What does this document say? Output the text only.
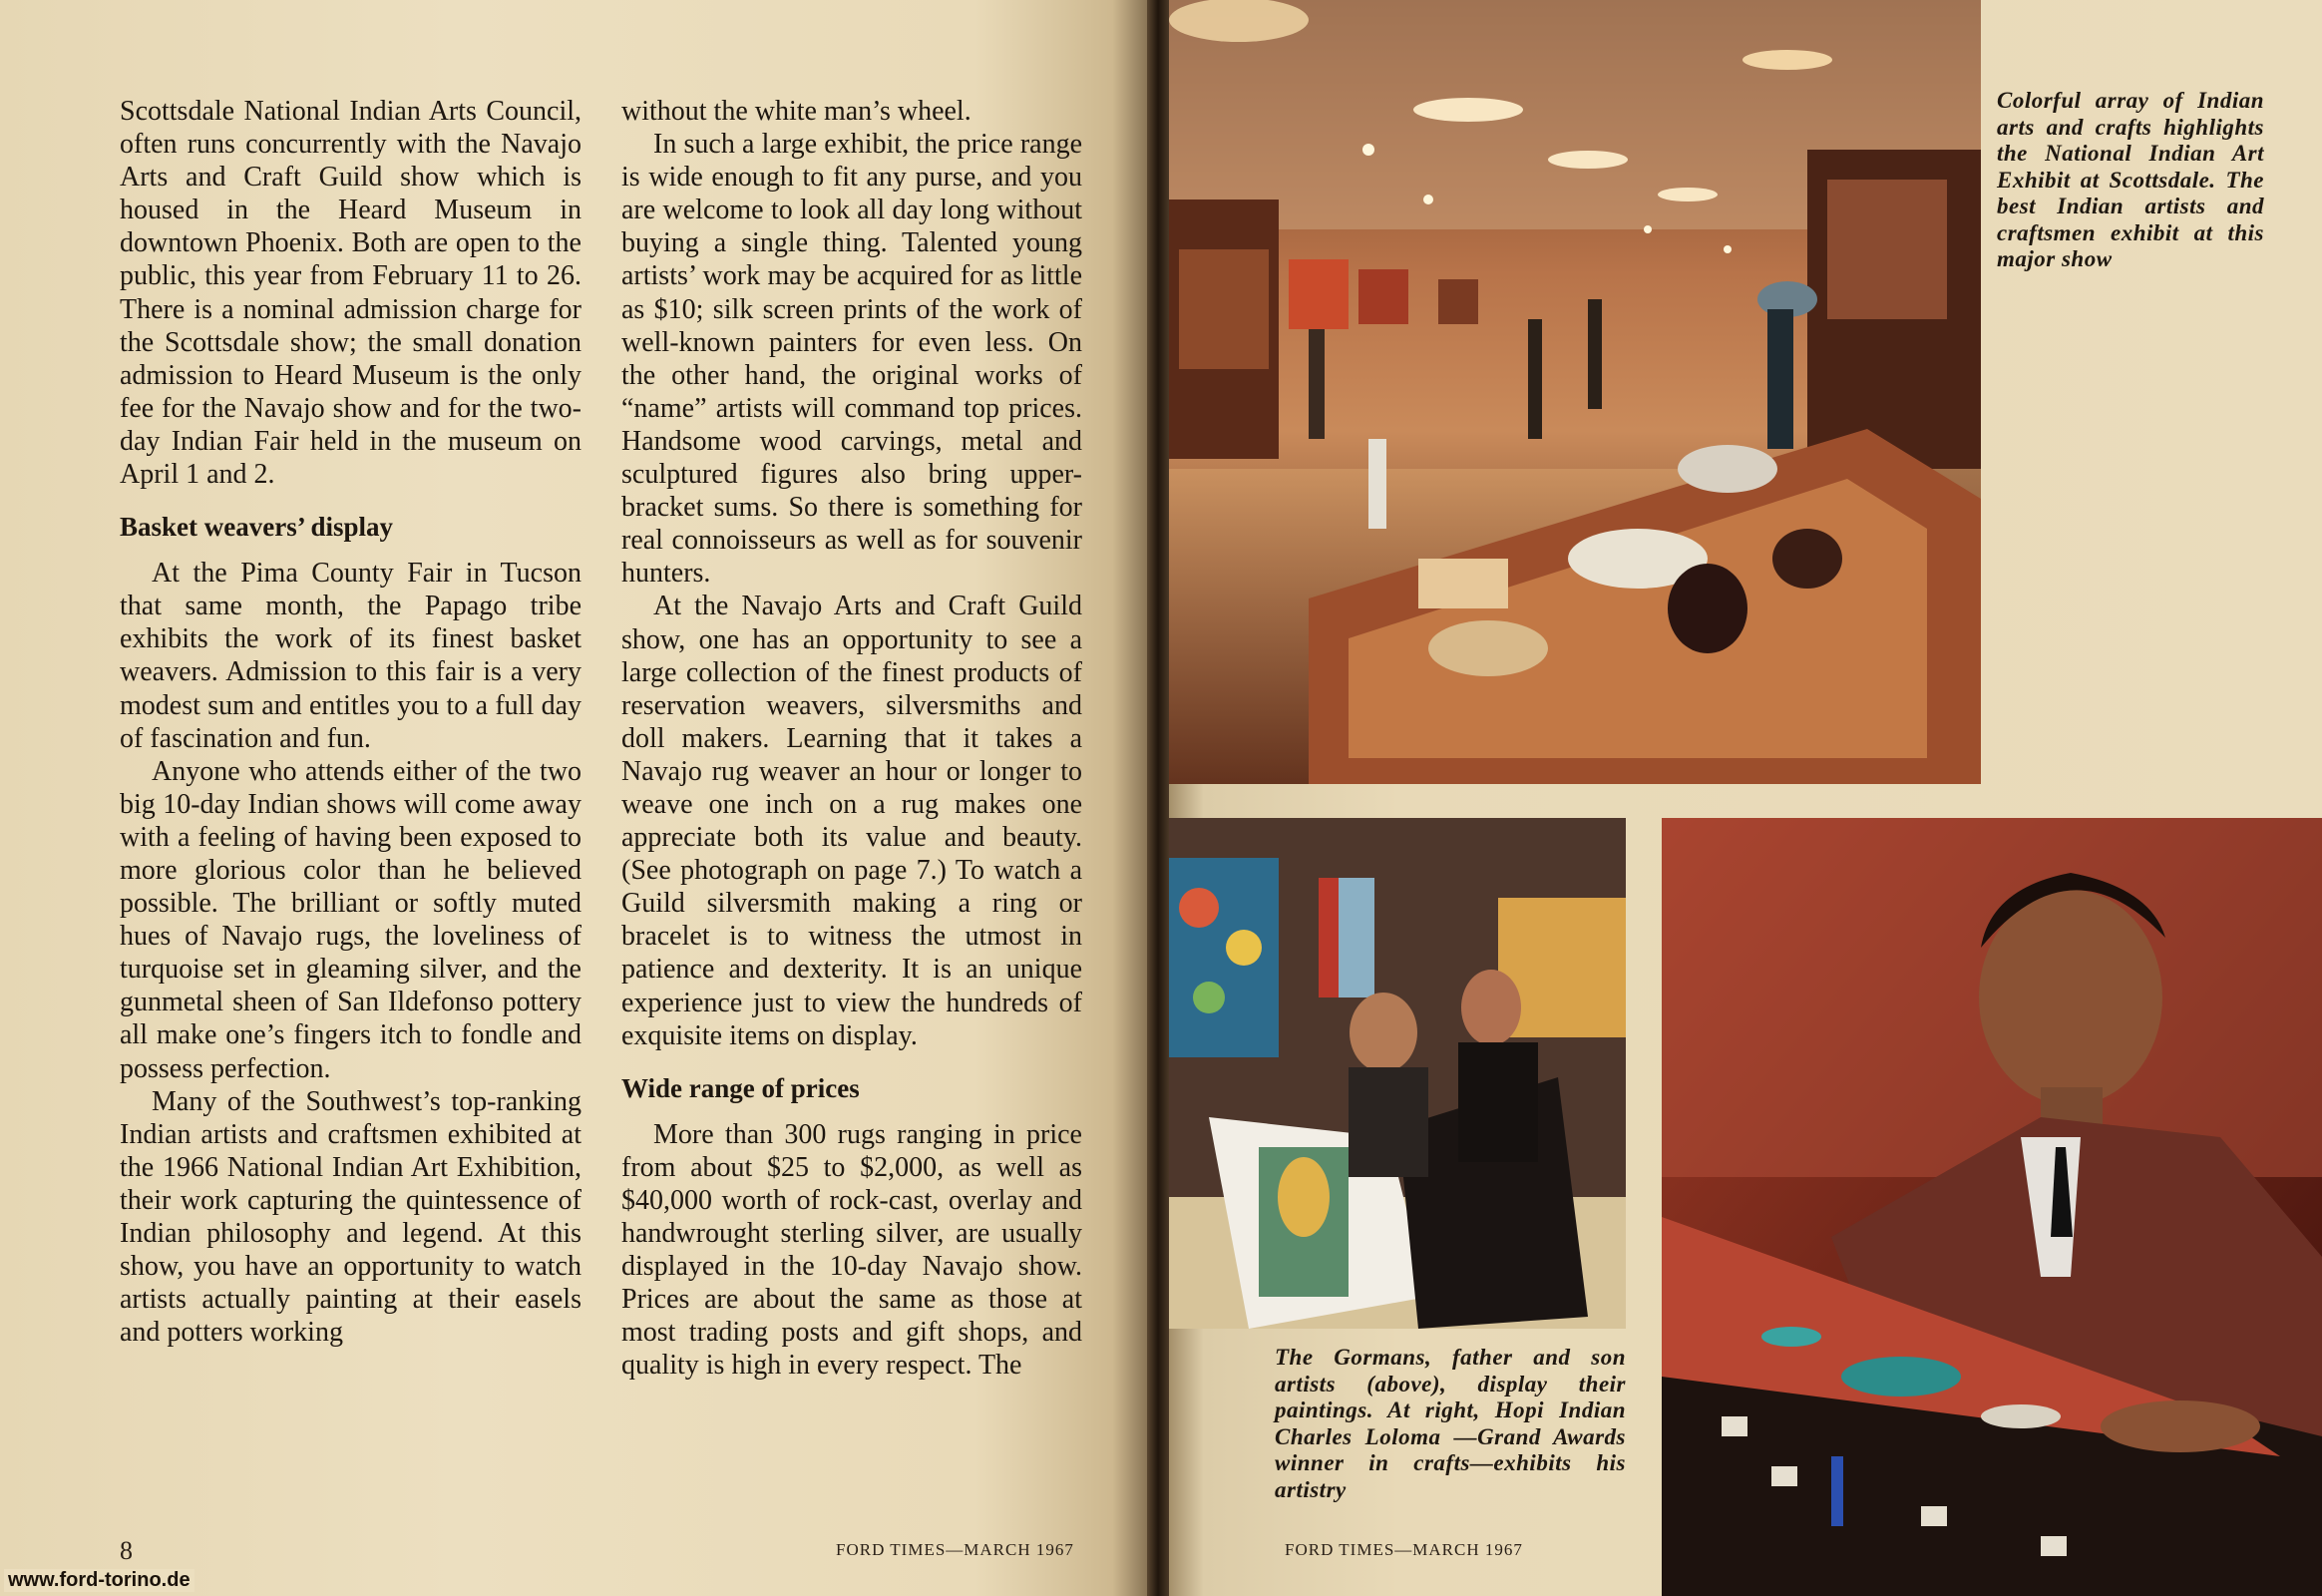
Scottsdale National Indian Arts Council, often runs concurrently with the Navajo Arts and Craft Guild show which is housed in the Heard Museum in downtown Phoenix. Both are open to the public, this year from February 11 to 26. There is a nominal admission charge for the Scottsdale show; the small donation admission to Heard Museum is the only fee for the Navajo show and for the two-day Indian Fair held in the museum on April 1 and 2.

Basket weavers’ display

At the Pima County Fair in Tucson that same month, the Papago tribe exhibits the work of its finest basket weavers. Admission to this fair is a very modest sum and entitles you to a full day of fascination and fun.

Anyone who attends either of the two big 10-day Indian shows will come away with a feeling of having been exposed to more glorious color than he believed possible. The brilliant or softly muted hues of Navajo rugs, the loveliness of turquoise set in gleaming silver, and the gunmetal sheen of San Ildefonso pottery all make one’s fingers itch to fondle and possess perfection.

Many of the Southwest’s top-ranking Indian artists and craftsmen exhibited at the 1966 National Indian Art Exhibition, their work capturing the quintessence of Indian philosophy and legend. At this show, you have an opportunity to watch artists actually painting at their easels and potters working

without the white man’s wheel.

In such a large exhibit, the price range is wide enough to fit any purse, and you are welcome to look all day long without buying a single thing. Talented young artists’ work may be acquired for as little as $10; silk screen prints of the work of well-known painters for even less. On the other hand, the original works of “name” artists will command top prices. Handsome wood carvings, metal and sculptured figures also bring upper-bracket sums. So there is something for real connoisseurs as well as for souvenir hunters.

At the Navajo Arts and Craft Guild show, one has an opportunity to see a large collection of the finest products of reservation weavers, silversmiths and doll makers. Learning that it takes a Navajo rug weaver an hour or longer to weave one inch on a rug makes one appreciate both its value and beauty. (See photograph on page 7.) To watch a Guild silversmith making a ring or bracelet is to witness the utmost in patience and dexterity. It is an unique experience just to view the hundreds of exquisite items on display.

Wide range of prices

More than 300 rugs ranging in price from about $25 to $2,000, as well as $40,000 worth of rock-cast, overlay and handwrought sterling silver, are usually displayed in the 10-day Navajo show. Prices are about the same as those at most trading posts and gift shops, and quality is high in every respect. The

8	FORD TIMES—MARCH 1967
www.ford-torino.de
Colorful array of Indian arts and crafts highlights the National Indian Art Exhibit at Scottsdale. The best Indian artists and craftsmen exhibit at this major show
The Gormans, father and son artists (above), display their paintings. At right, Hopi Indian Charles Loloma —Grand Awards winner in crafts—exhibits his artistry
FORD TIMES—MARCH 1967
